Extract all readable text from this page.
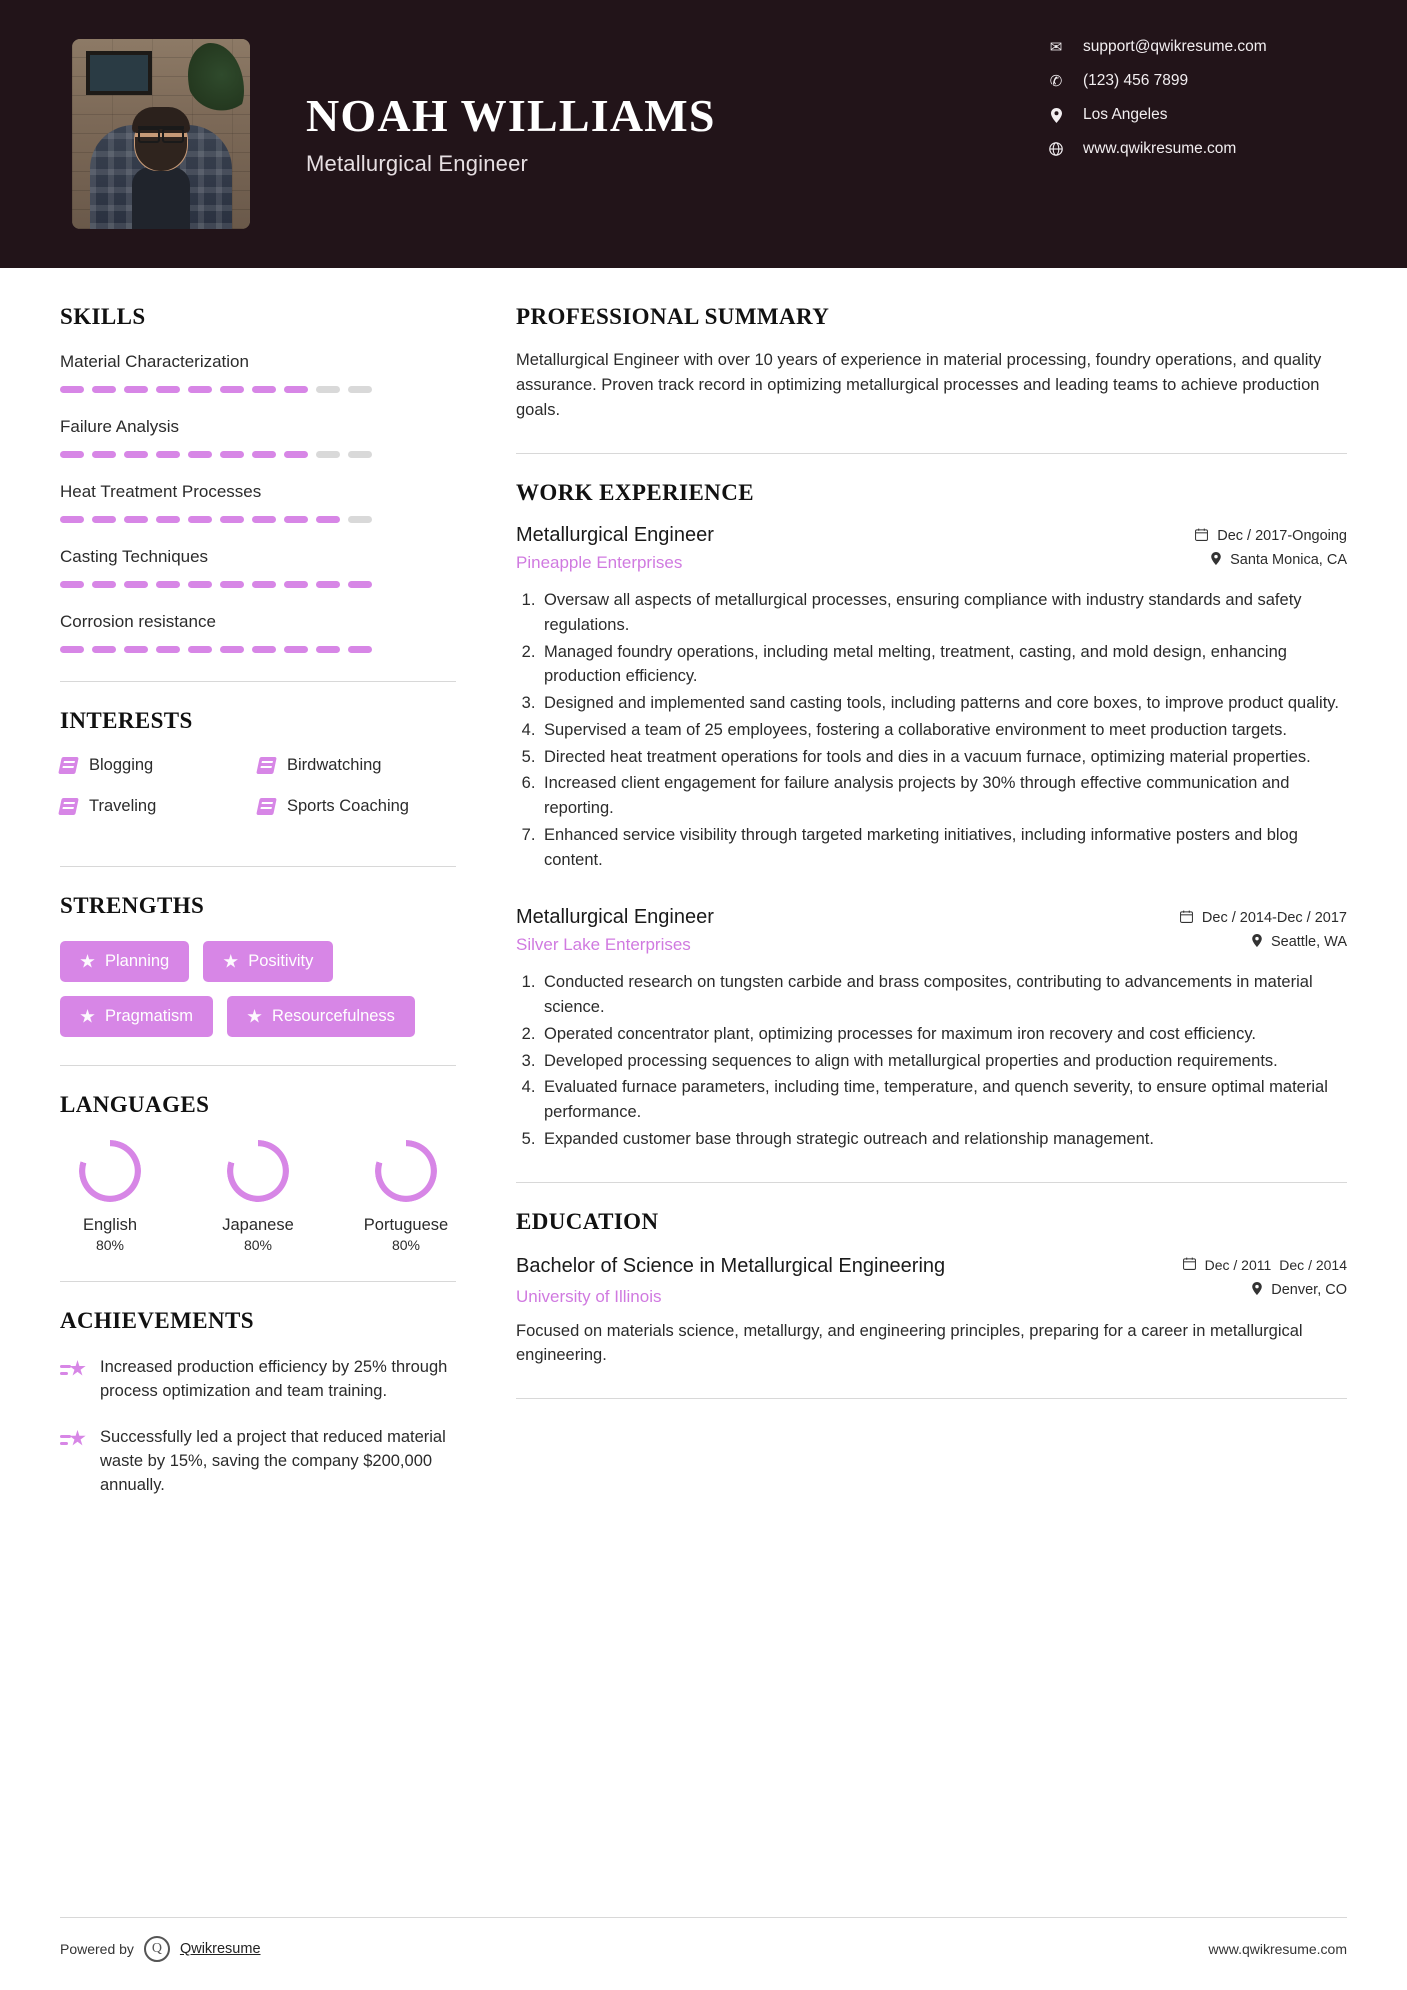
NOAH WILLIAMS
Metallurgical Engineer
✉ support@qwikresume.com
✆ (123) 456 7899
Los Angeles
www.qwikresume.com
SKILLS
Material Characterization
Failure Analysis
Heat Treatment Processes
Casting Techniques
Corrosion resistance
INTERESTS
Blogging	Birdwatching
Traveling	Sports Coaching
STRENGTHS
Planning	Positivity
Pragmatism	Resourcefulness
LANGUAGES
English
80%
Japanese
80%
Portuguese
80%
ACHIEVEMENTS
Increased production efficiency by 25% through process optimization and team training.
Successfully led a project that reduced material waste by 15%, saving the company $200,000 annually.
PROFESSIONAL SUMMARY
Metallurgical Engineer with over 10 years of experience in material processing, foundry operations, and quality assurance. Proven track record in optimizing metallurgical processes and leading teams to achieve production goals.
WORK EXPERIENCE
Metallurgical Engineer
Pineapple Enterprises
Dec / 2017-Ongoing
Santa Monica, CA
1. Oversaw all aspects of metallurgical processes, ensuring compliance with industry standards and safety regulations.
2. Managed foundry operations, including metal melting, treatment, casting, and mold design, enhancing production efficiency.
3. Designed and implemented sand casting tools, including patterns and core boxes, to improve product quality.
4. Supervised a team of 25 employees, fostering a collaborative environment to meet production targets.
5. Directed heat treatment operations for tools and dies in a vacuum furnace, optimizing material properties.
6. Increased client engagement for failure analysis projects by 30% through effective communication and reporting.
7. Enhanced service visibility through targeted marketing initiatives, including informative posters and blog content.
Metallurgical Engineer
Silver Lake Enterprises
Dec / 2014-Dec / 2017
Seattle, WA
1. Conducted research on tungsten carbide and brass composites, contributing to advancements in material science.
2. Operated concentrator plant, optimizing processes for maximum iron recovery and cost efficiency.
3. Developed processing sequences to align with metallurgical properties and production requirements.
4. Evaluated furnace parameters, including time, temperature, and quench severity, to ensure optimal material performance.
5. Expanded customer base through strategic outreach and relationship management.
EDUCATION
Bachelor of Science in Metallurgical Engineering
University of Illinois
Dec / 2011 Dec / 2014
Denver, CO
Focused on materials science, metallurgy, and engineering principles, preparing for a career in metallurgical engineering.
Powered by	Q	Qwikresume	www.qwikresume.com
